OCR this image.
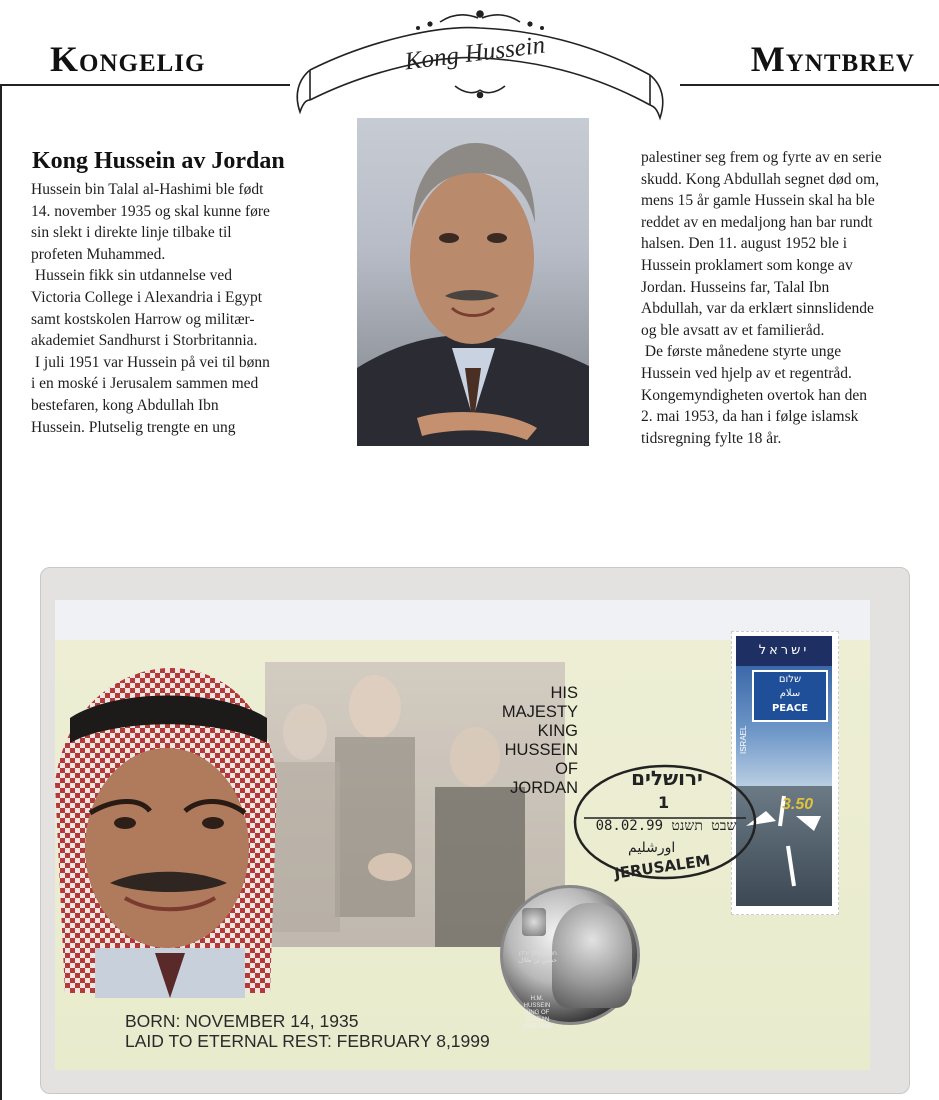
Kongelig	Myntbrev
Kong Hussein
Kong Hussein av Jordan

Hussein bin Talal al-Hashimi ble født

14. november 1935 og skal kunne føre

sin slekt i direkte linje tilbake til

profeten Muhammed.

Hussein fikk sin utdannelse ved

Victoria College i Alexandria i Egypt

samt kostskolen Harrow og militær-

akademiet Sandhurst i Storbritannia.

I juli 1951 var Hussein på vei til bønn

i en moské i Jerusalem sammen med

bestefaren, kong Abdullah Ibn

Hussein. Plutselig trengte en ung

palestiner seg frem og fyrte av en serie

skudd. Kong Abdullah segnet død om,

mens 15 år gamle Hussein skal ha ble

reddet av en medaljong han bar rundt

halsen. Den 11. august 1952 ble i

Hussein proklamert som konge av

Jordan. Husseins far, Talal Ibn

Abdullah, var da erklært sinnslidende

og ble avsatt av et familieråd.

De første månedene styrte unge

Hussein ved hjelp av et regentråd.

Kongemyndigheten overtok han den

2. mai 1953, da han i følge islamsk

tidsregning fylte 18 år.

HIS
MAJESTY
KING
HUSSEIN
OF
JORDAN
BORN: NOVEMBER 14, 1935
LAID TO ETERNAL REST: FEBRUARY 8,1999
ישראל
שלום
سلام
PEACE
ISRAEL
3.50
ירושלים
1
08.02.99 שבט תשנט
اورشليم
JERUSALEM
חוסיין מלך ירדן
حسين بن طلال
H.M.
HUSSEIN
KING OF
JORDAN
1935-1999
